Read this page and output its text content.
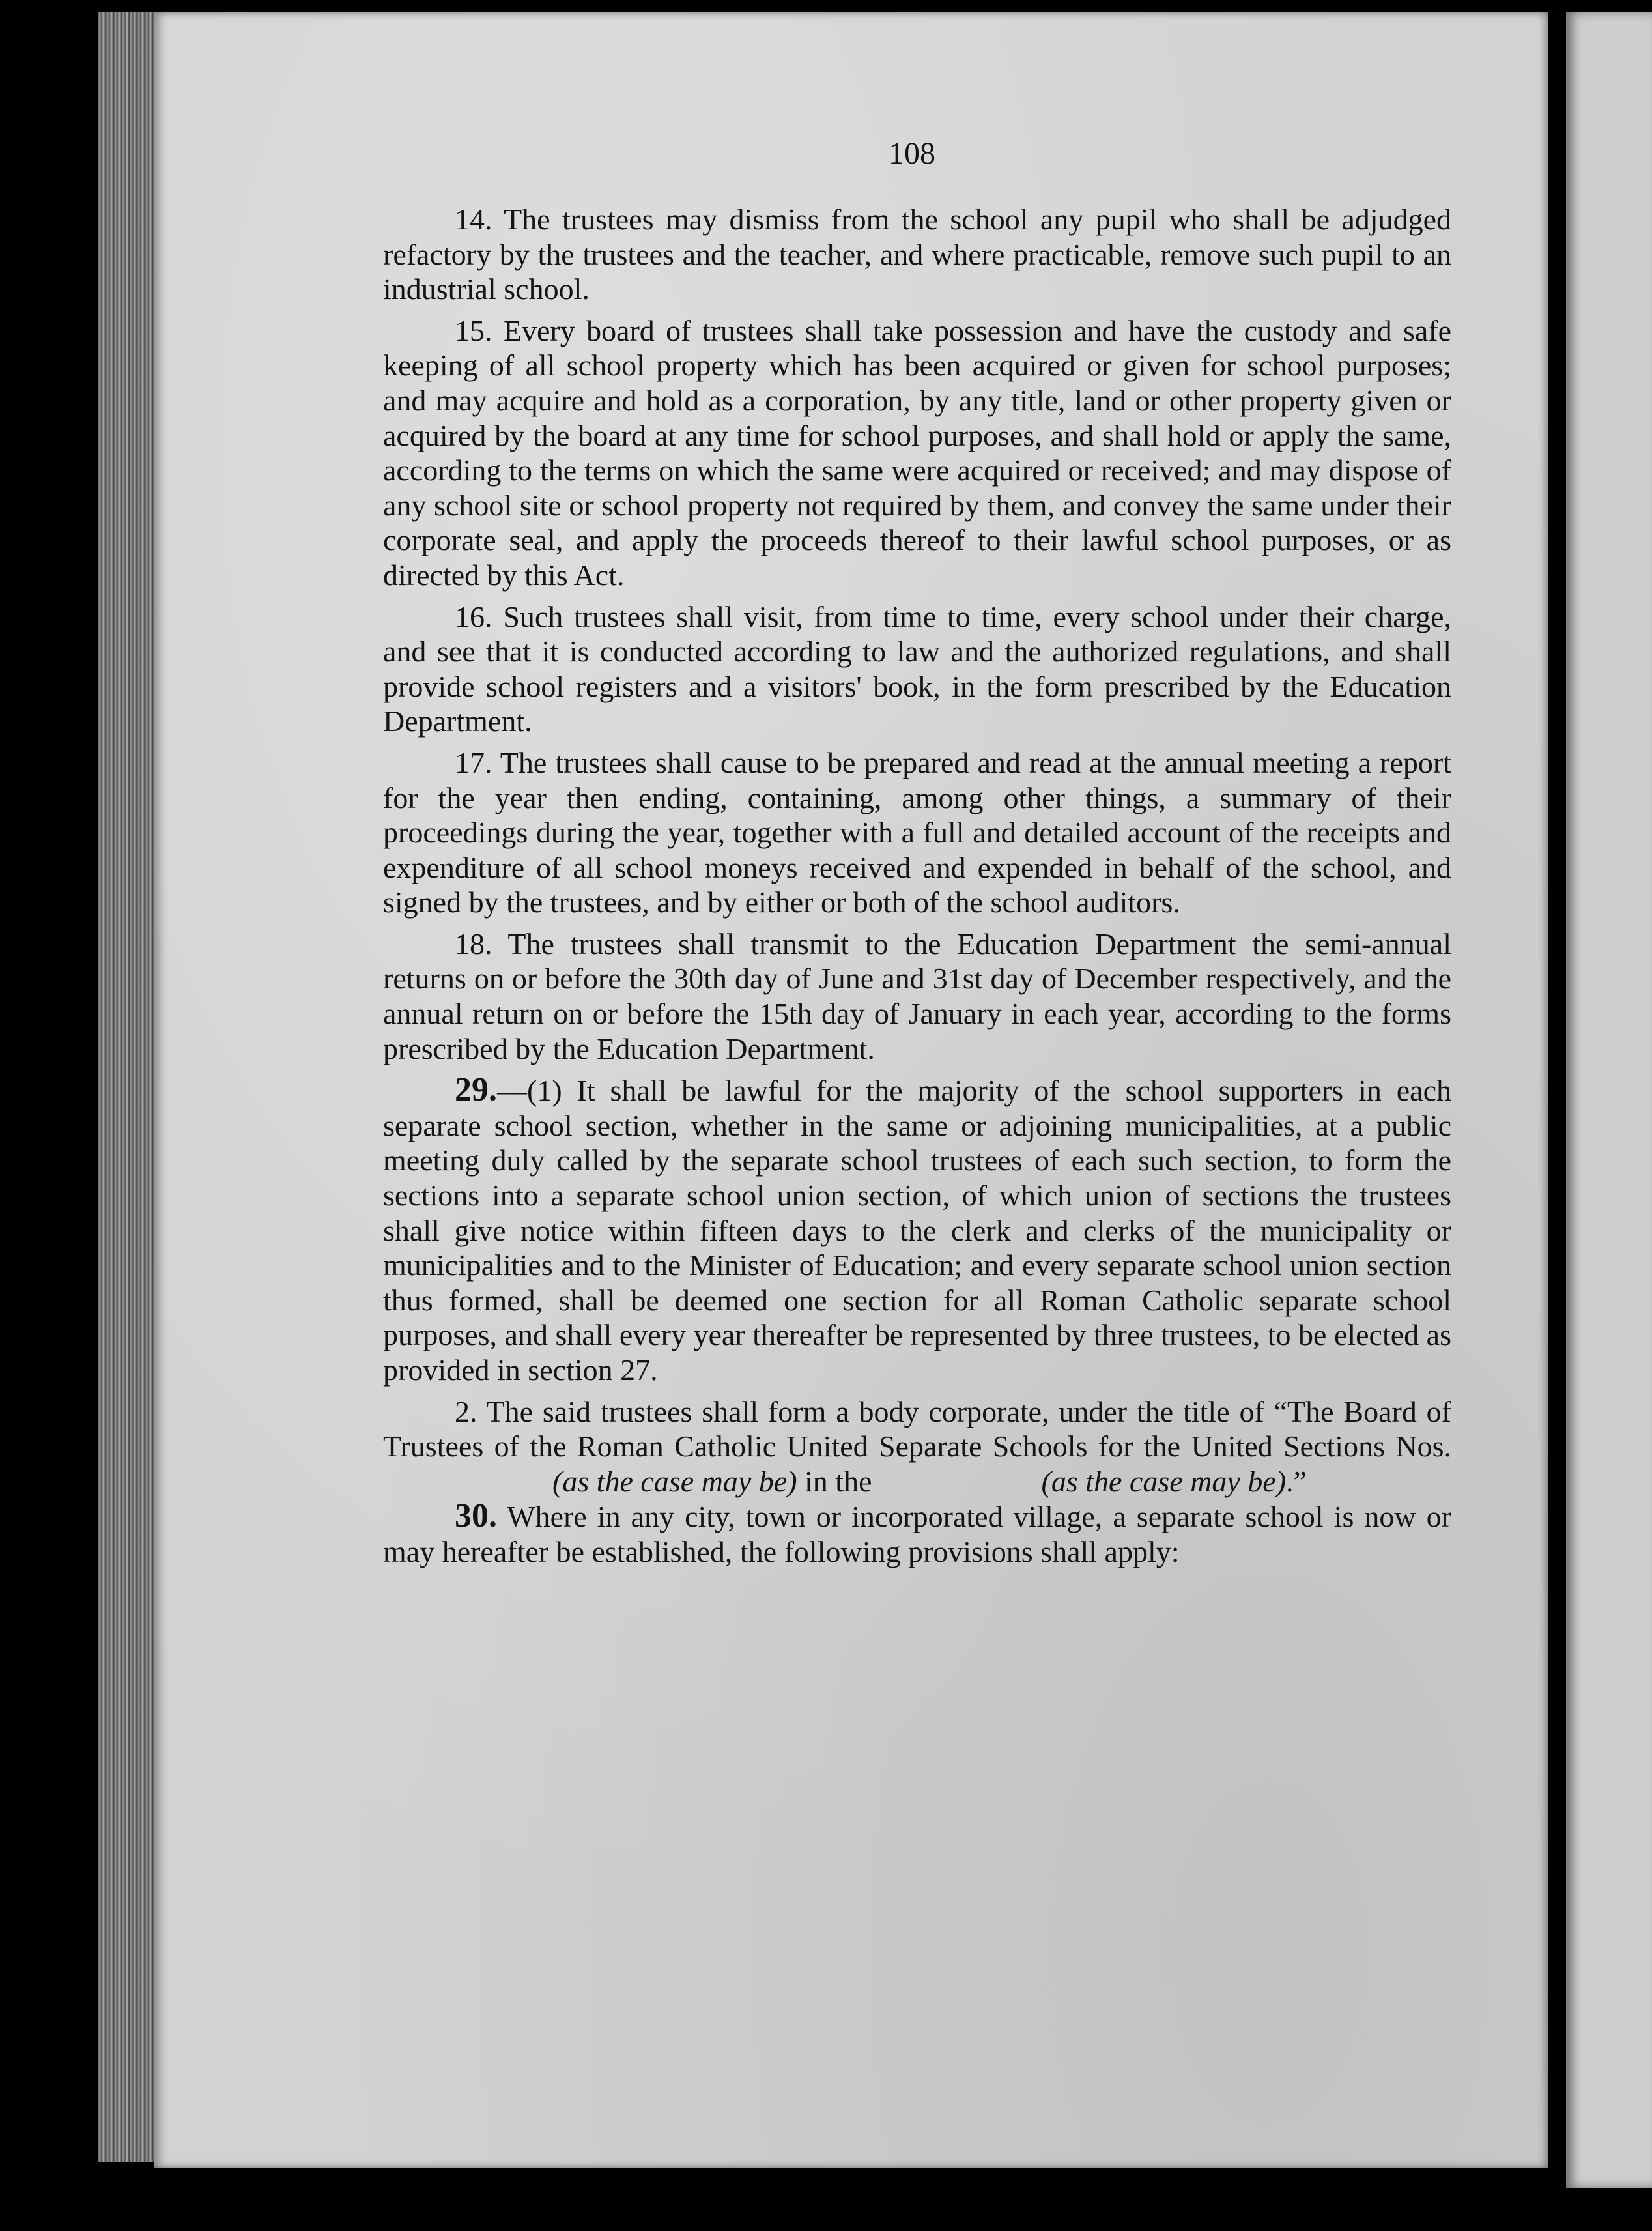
108

14. The trustees may dismiss from the school any pupil who shall be adjudged refactory by the trustees and the teacher, and where practicable, remove such pupil to an industrial school.

15. Every board of trustees shall take possession and have the custody and safe keeping of all school property which has been acquired or given for school purposes; and may acquire and hold as a corporation, by any title, land or other property given or acquired by the board at any time for school purposes, and shall hold or apply the same, according to the terms on which the same were acquired or received; and may dispose of any school site or school property not required by them, and convey the same under their corporate seal, and apply the proceeds thereof to their lawful school purposes, or as directed by this Act.

16. Such trustees shall visit, from time to time, every school under their charge, and see that it is conducted according to law and the authorized regulations, and shall provide school registers and a visitors' book, in the form prescribed by the Education Department.

17. The trustees shall cause to be prepared and read at the annual meeting a report for the year then ending, containing, among other things, a summary of their proceedings during the year, together with a full and detailed account of the receipts and expenditure of all school moneys received and expended in behalf of the school, and signed by the trustees, and by either or both of the school auditors.

18. The trustees shall transmit to the Education Department the semi-annual returns on or before the 30th day of June and 31st day of December respectively, and the annual return on or before the 15th day of January in each year, according to the forms prescribed by the Education Department.

29.—(1) It shall be lawful for the majority of the school supporters in each separate school section, whether in the same or adjoining municipalities, at a public meeting duly called by the separate school trustees of each such section, to form the sections into a separate school union section, of which union of sections the trustees shall give notice within fifteen days to the clerk and clerks of the municipality or municipalities and to the Minister of Education; and every separate school union section thus formed, shall be deemed one section for all Roman Catholic separate school purposes, and shall every year thereafter be represented by three trustees, to be elected as provided in section 27.

2. The said trustees shall form a body corporate, under the title of “The Board of Trustees of the Roman Catholic United Separate Schools for the United Sections Nos.(as the case may be) in the	(as the case may be).”

30. Where in any city, town or incorporated village, a separate school is now or may hereafter be established, the following provisions shall apply:
